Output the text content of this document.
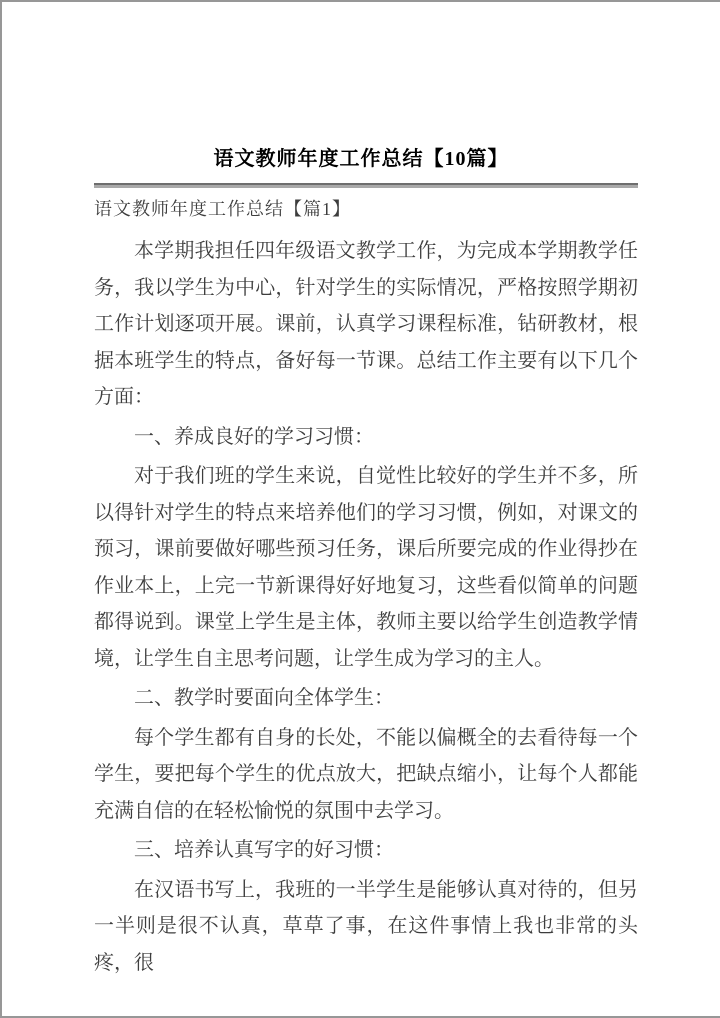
语文教师年度工作总结【10篇】
语文教师年度工作总结【篇1】

本学期我担任四年级语文教学工作，为完成本学期教学任务，我以学生为中心，针对学生的实际情况，严格按照学期初工作计划逐项开展。课前，认真学习课程标准，钻研教材，根据本班学生的特点，备好每一节课。总结工作主要有以下几个方面：

一、养成良好的学习习惯：

对于我们班的学生来说，自觉性比较好的学生并不多，所以得针对学生的特点来培养他们的学习习惯，例如，对课文的预习，课前要做好哪些预习任务，课后所要完成的作业得抄在作业本上，上完一节新课得好好地复习，这些看似简单的问题都得说到。课堂上学生是主体，教师主要以给学生创造教学情境，让学生自主思考问题，让学生成为学习的主人。

二、教学时要面向全体学生：

每个学生都有自身的长处，不能以偏概全的去看待每一个学生，要把每个学生的优点放大，把缺点缩小，让每个人都能充满自信的在轻松愉悦的氛围中去学习。

三、培养认真写字的好习惯：

在汉语书写上，我班的一半学生是能够认真对待的，但另一半则是很不认真，草草了事，在这件事情上我也非常的头疼，很
